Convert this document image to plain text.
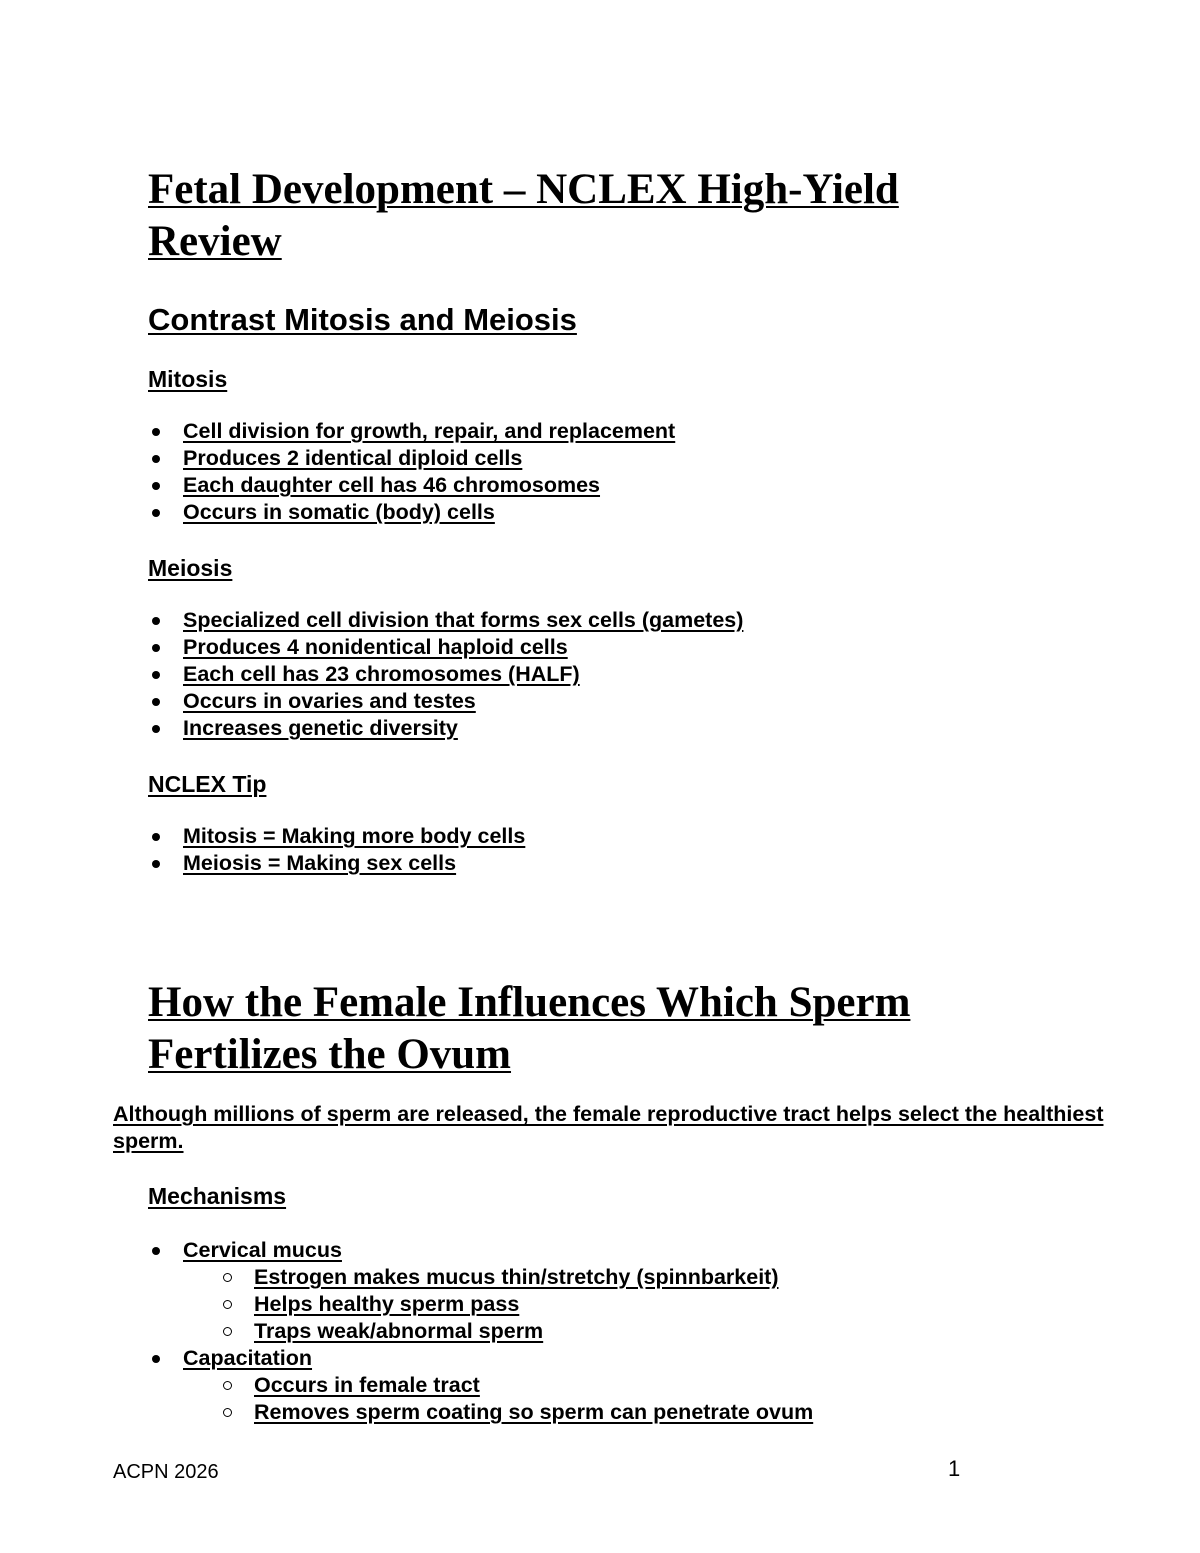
Fetal Development – NCLEX High-Yield Review
Contrast Mitosis and Meiosis
Mitosis
Cell division for growth, repair, and replacement
Produces 2 identical diploid cells
Each daughter cell has 46 chromosomes
Occurs in somatic (body) cells
Meiosis
Specialized cell division that forms sex cells (gametes)
Produces 4 nonidentical haploid cells
Each cell has 23 chromosomes (HALF)
Occurs in ovaries and testes
Increases genetic diversity
NCLEX Tip
Mitosis = Making more body cells
Meiosis = Making sex cells
How the Female Influences Which Sperm Fertilizes the Ovum

Although millions of sperm are released, the female reproductive tract helps select the healthiest sperm.

Mechanisms
Cervical mucus
Estrogen makes mucus thin/stretchy (spinnbarkeit)
Helps healthy sperm pass
Traps weak/abnormal sperm
Capacitation
Occurs in female tract
Removes sperm coating so sperm can penetrate ovum
ACPN 2026	1
